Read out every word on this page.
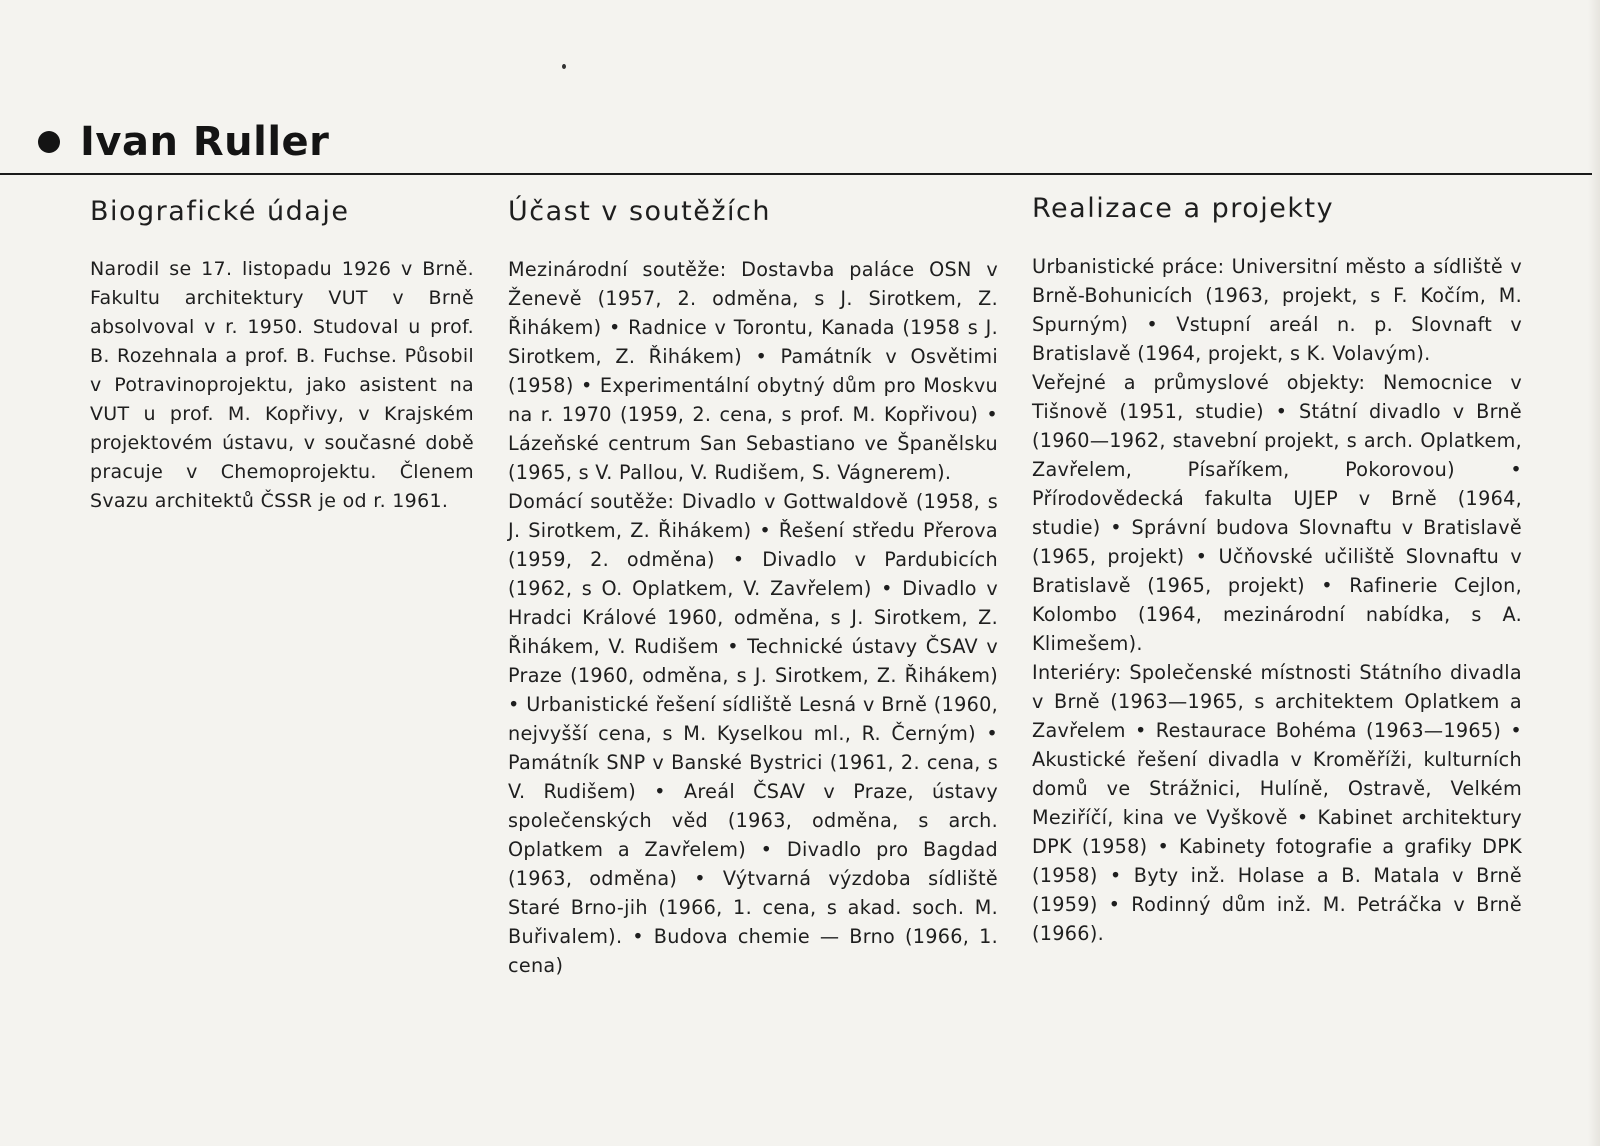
Ivan Ruller
Biografické údaje

Narodil se 17. listopadu 1926 v Brně. Fakultu architektury VUT v Brně absolvoval v r. 1950. Studoval u prof. B. Rozehnala a prof. B. Fuchse. Působil v Potravinoprojektu, jako asistent na VUT u prof. M. Kopřivy, v Krajském projektovém ústavu, v současné době pracuje v Chemoprojektu. Členem Svazu architektů ČSSR je od r. 1961.

Účast v soutěžích

Mezinárodní soutěže: Dostavba paláce OSN v Ženevě (1957, 2. odměna, s J. Sirotkem, Z. Řihákem) • Radnice v Torontu, Kanada (1958 s J. Sirotkem, Z. Řihákem) • Památník v Osvětimi (1958) • Experimentální obytný dům pro Moskvu na r. 1970 (1959, 2. cena, s prof. M. Kopřivou) • Lázeňské centrum San Sebastiano ve Španělsku (1965, s V. Pallou, V. Rudišem, S. Vágnerem).

Domácí soutěže: Divadlo v Gottwaldově (1958, s J. Sirotkem, Z. Řihákem) • Řešení středu Přerova (1959, 2. odměna) • Divadlo v Pardubicích (1962, s O. Oplatkem, V. Zavřelem) • Divadlo v Hradci Králové 1960, odměna, s J. Sirotkem, Z. Řihákem, V. Rudišem • Technické ústavy ČSAV v Praze (1960, odměna, s J. Sirotkem, Z. Řihákem) • Urbanistické řešení sídliště Lesná v Brně (1960, nejvyšší cena, s M. Kyselkou ml., R. Černým) • Památník SNP v Banské Bystrici (1961, 2. cena, s V. Rudišem) • Areál ČSAV v Praze, ústavy společenských věd (1963, odměna, s arch. Oplatkem a Zavřelem) • Divadlo pro Bagdad (1963, odměna) • Výtvarná výzdoba sídliště Staré Brno-jih (1966, 1. cena, s akad. soch. M. Buřivalem). • Budova chemie — Brno (1966, 1. cena)

Realizace a projekty

Urbanistické práce: Universitní město a sídliště v Brně-Bohunicích (1963, projekt, s F. Kočím, M. Spurným) • Vstupní areál n. p. Slovnaft v Bratislavě (1964, projekt, s K. Volavým).

Veřejné a průmyslové objekty: Nemocnice v Tišnově (1951, studie) • Státní divadlo v Brně (1960—1962, stavební projekt, s arch. Oplatkem, Zavřelem, Písaříkem, Pokorovou) • Přírodovědecká fakulta UJEP v Brně (1964, studie) • Správní budova Slovnaftu v Bratislavě (1965, projekt) • Učňovské učiliště Slovnaftu v Bratislavě (1965, projekt) • Rafinerie Cejlon, Kolombo (1964, mezinárodní nabídka, s A. Klimešem).

Interiéry: Společenské místnosti Státního divadla v Brně (1963—1965, s architektem Oplatkem a Zavřelem • Restaurace Bohéma (1963—1965) • Akustické řešení divadla v Kroměříži, kulturních domů ve Strážnici, Hulíně, Ostravě, Velkém Meziříčí, kina ve Vyškově • Kabinet architektury DPK (1958) • Kabinety fotografie a grafiky DPK (1958) • Byty inž. Holase a B. Matala v Brně (1959) • Rodinný dům inž. M. Petráčka v Brně (1966).
